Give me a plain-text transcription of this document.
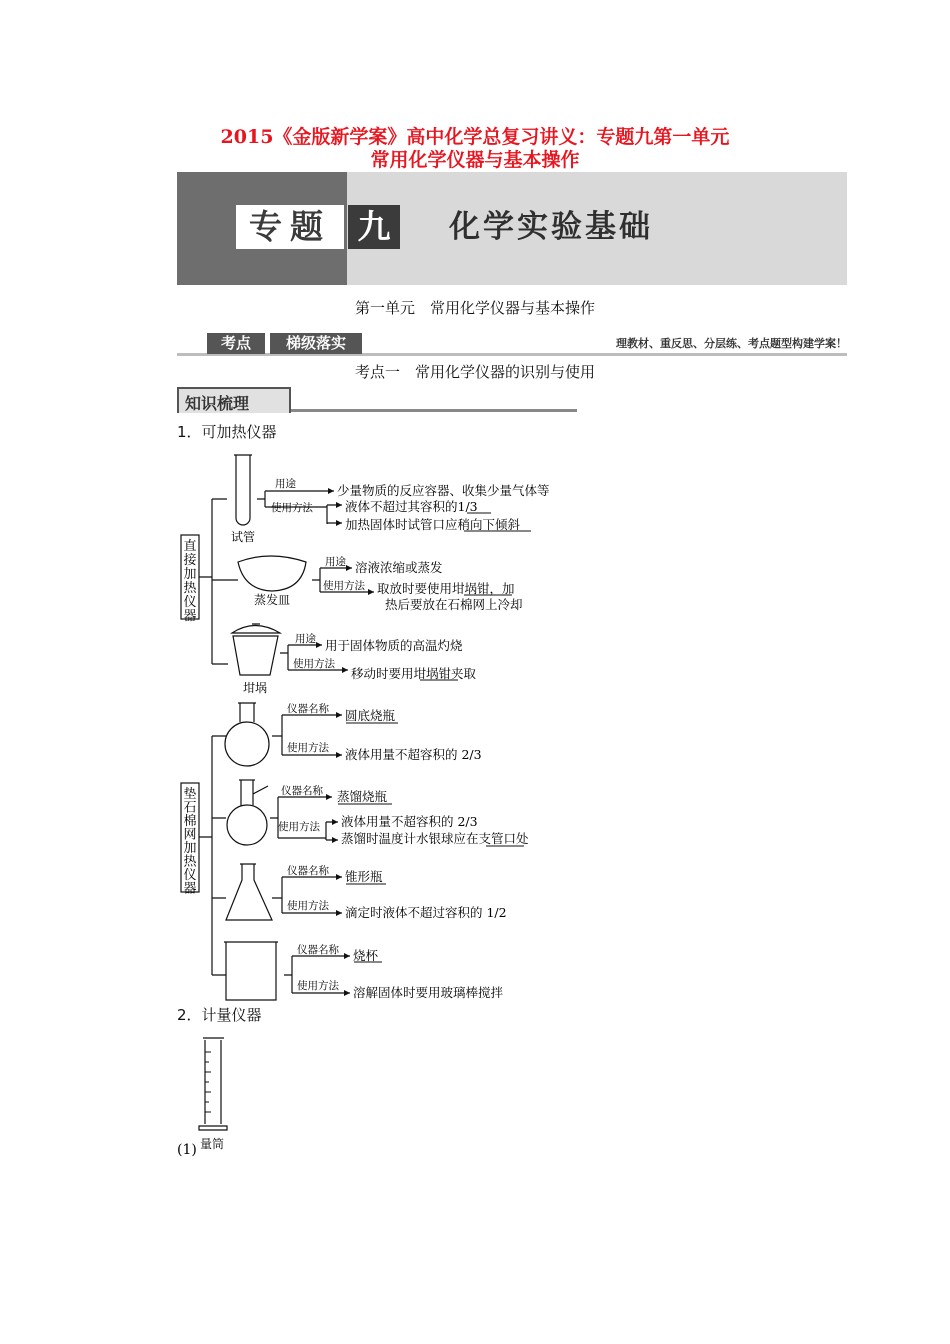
2015《金版新学案》高中化学总复习讲义：专题九第一单元
常用化学仪器与基本操作
专题 九	化学实验基础
第一单元　常用化学仪器与基本操作
考点	梯级落实	理教材、重反思、分层练、考点题型构建学案！
考点一　常用化学仪器的识别与使用
知识梳理
1．可加热仪器
2．计量仪器
直
接
加
热
仪
器
垫
石
棉
网
加
热
仪
器
试管
蒸发皿
坩埚
用途
使用方法
用途
使用方法
用途
使用方法
仪器名称
使用方法
仪器名称
使用方法
仪器名称
使用方法
仪器名称
使用方法
少量物质的反应容器、收集少量气体等
液体不超过其容积的1/3
加热固体时试管口应稍向下倾斜
溶液浓缩或蒸发
取放时要使用坩埚钳，加
热后要放在石棉网上冷却
用于固体物质的高温灼烧
移动时要用坩埚钳夹取
圆底烧瓶
液体用量不超容积的 2/3
蒸馏烧瓶
液体用量不超容积的 2/3
蒸馏时温度计水银球应在支管口处
锥形瓶
滴定时液体不超过容积的 1/2
烧杯
溶解固体时要用玻璃棒搅拌
(1) 量筒
